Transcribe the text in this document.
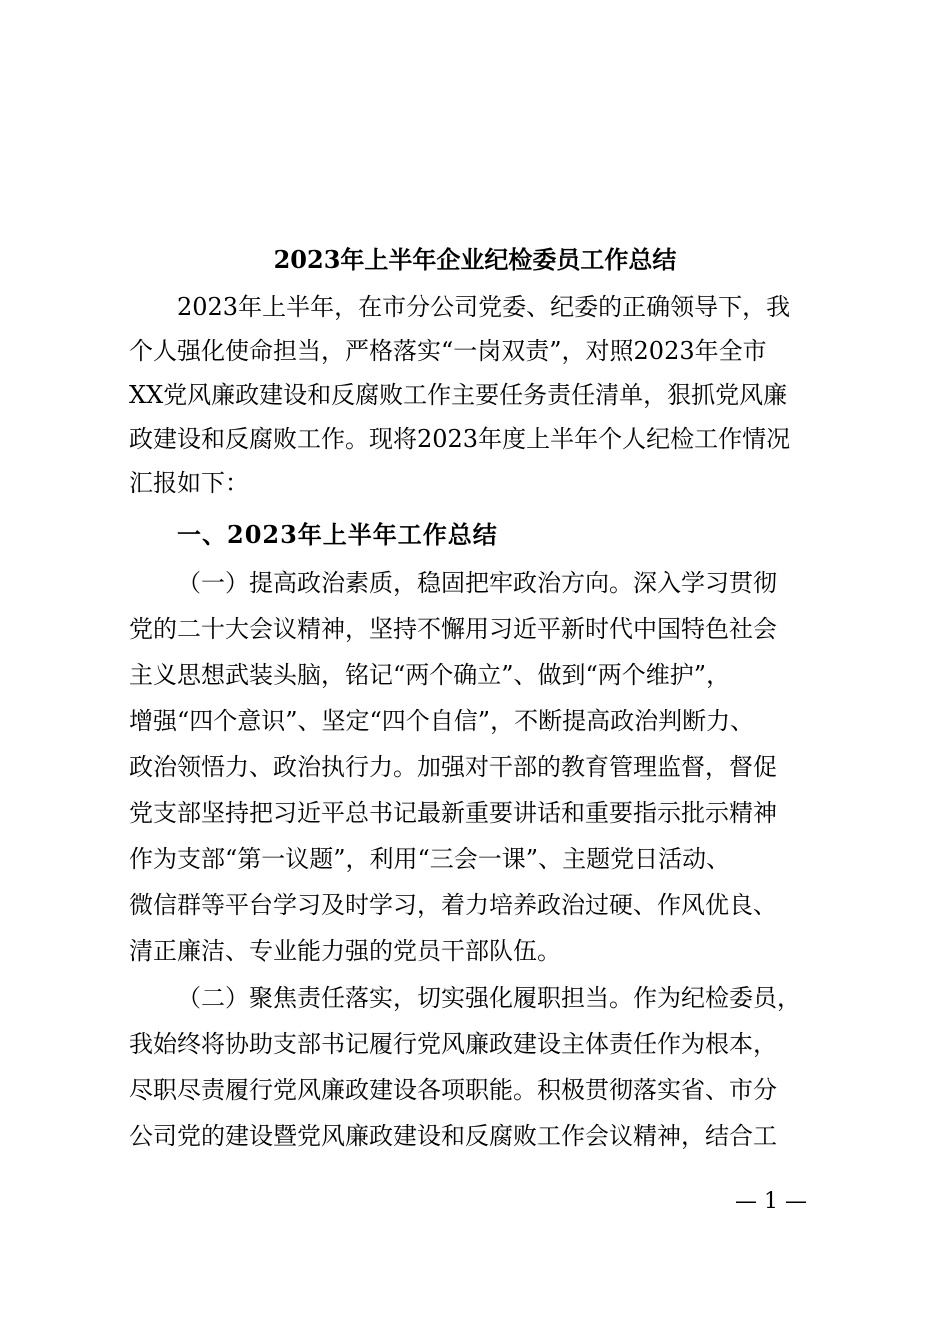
2023年上半年企业纪检委员工作总结
2023年上半年，在市分公司党委、纪委的正确领导下，我
个人强化使命担当，严格落实“一岗双责”，对照2023年全市
XX党风廉政建设和反腐败工作主要任务责任清单，狠抓党风廉
政建设和反腐败工作。现将2023年度上半年个人纪检工作情况
汇报如下：
一、2023年上半年工作总结
（一）提高政治素质，稳固把牢政治方向。深入学习贯彻
党的二十大会议精神，坚持不懈用习近平新时代中国特色社会
主义思想武装头脑，铭记“两个确立”、做到“两个维护”，
增强“四个意识”、坚定“四个自信”，不断提高政治判断力、
政治领悟力、政治执行力。加强对干部的教育管理监督，督促
党支部坚持把习近平总书记最新重要讲话和重要指示批示精神
作为支部“第一议题”，利用“三会一课”、主题党日活动、
微信群等平台学习及时学习，着力培养政治过硬、作风优良、
清正廉洁、专业能力强的党员干部队伍。
（二）聚焦责任落实，切实强化履职担当。作为纪检委员，
我始终将协助支部书记履行党风廉政建设主体责任作为根本，
尽职尽责履行党风廉政建设各项职能。积极贯彻落实省、市分
公司党的建设暨党风廉政建设和反腐败工作会议精神，结合工
— 1 —
